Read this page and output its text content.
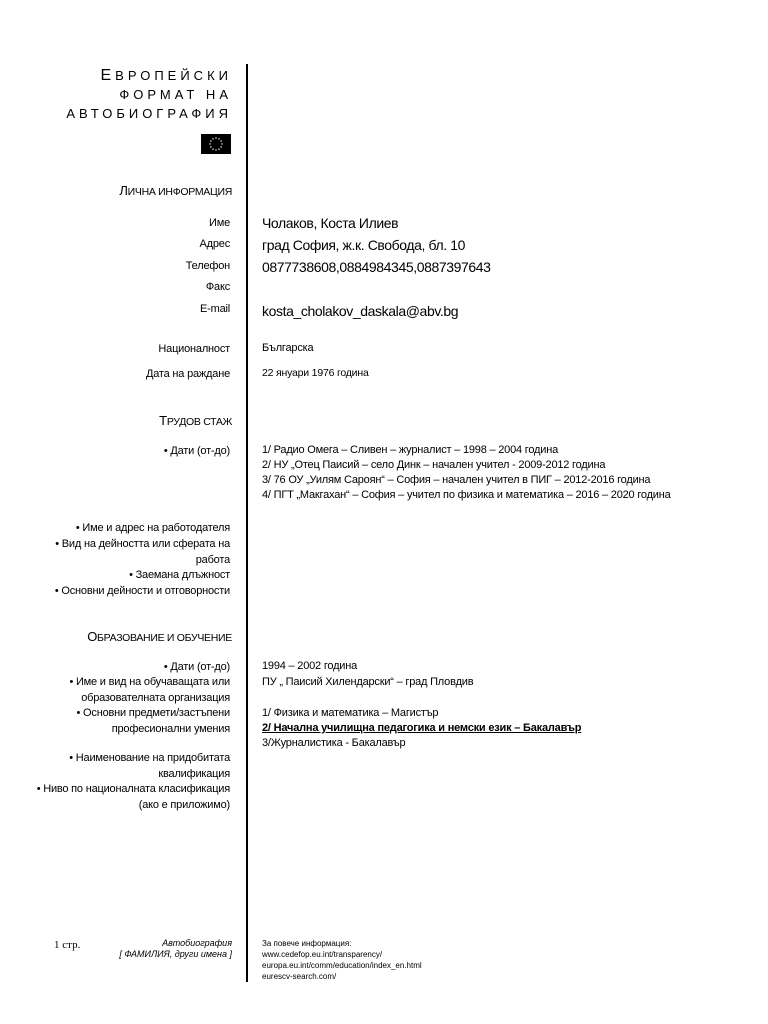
ЕВРОПЕЙСКИ
ФОРМАТ НА
АВТОБИОГРАФИЯ
ЛИЧНА ИНФОРМАЦИЯ
Име Чолаков, Коста Илиев
Адрес град София, ж.к. Свобода, бл. 10
Телефон 0877738608,0884984345,0887397643
Факс
E-mail kosta_cholakov_daskala@abv.bg
Националност	Българска
Дата на раждане	22 януари 1976 година
ТРУДОВ СТАЖ
• Дати (от-до)	1/ Радио Омега – Сливен – журналист – 1998 – 2004 година
2/ НУ „Отец Паисий – село Динк – начален учител - 2009-2012 година
3/ 76 ОУ „Уилям Сароян“ – София – начален учител в ПИГ – 2012-2016 година
4/ ПГТ „Макгахан“ – София – учител по физика и математика – 2016 – 2020 година
• Име и адрес на работодателя
• Вид на дейността или сферата на работа
• Заемана длъжност
• Основни дейности и отговорности
ОБРАЗОВАНИЕ И ОБУЧЕНИЕ
• Дати (от-до)	1994 – 2002 година
• Име и вид на обучаващата или образователната организация
ПУ „ Паисий Хилендарски“ – град Пловдив
• Основни предмети/застъпени професионални умения
1/ Физика и математика – Магистър
2/ Начална училищна педагогика и немски език – Бакалавър
3/Журналистика - Бакалавър
• Наименование на придобитата квалификация
• Ниво по националната класификация (ако е приложимо)
1 стр.	Автобиография
[ ФАМИЛИЯ, други имена ]
За повече информация:
www.cedefop.eu.int/transparency/
europa.eu.int/comm/education/index_en.html
eurescv-search.com/
